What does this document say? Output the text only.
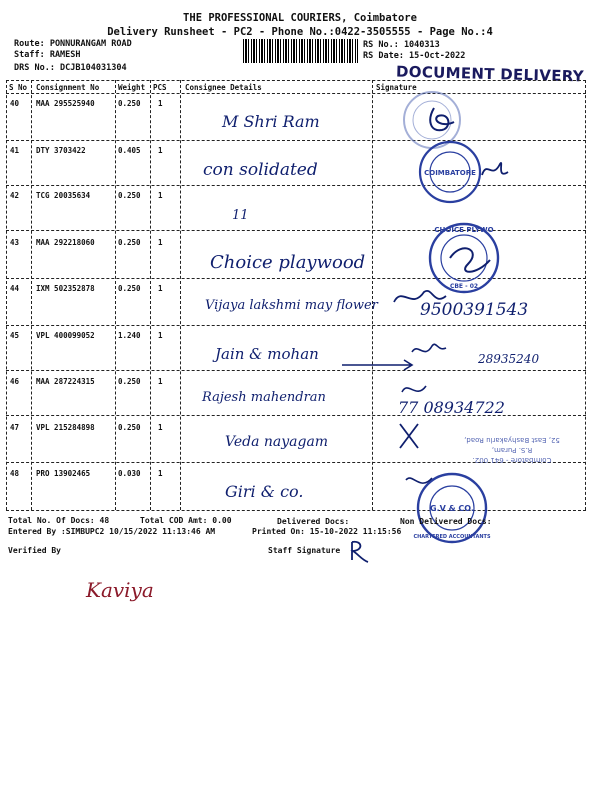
THE PROFESSIONAL COURIERS, Coimbatore
Delivery Runsheet - PC2 - Phone No.:0422-3505555 - Page No.:4
Route: PONNURANGAM ROAD
Staff: RAMESH
DRS No.: DCJB104031304
RS No.: 1040313
RS Date: 15-Oct-2022
DOCUMENT DELIVERY
S No Consignment No	Weight PCS Consignee Details	Signature
40 MAA 295525940	0.250 1
M Shri Ram
41 DTY 3703422	0.405 1
con solidated
42 TCG 20035634	0.250 1
11
43 MAA 292218060	0.250 1
Choice playwood
44 IXM 502352878	0.250 1
Vijaya lakshmi may flower 9500391543
45 VPL 400099052	1.240 1
Jain & mohan	28935240
46 MAA 287224315	0.250 1
Rajesh mahendran
77 08934722
47 VPL 215284898	0.250 1
Veda nayagam
48 PRO 13902465	0.030 1
Giri & co.
COIMBATORE
CHOICE PLYWO
CBE - 02
Coimbatore - 641 002.
R.S. Puram,
52, East Bashyakarlu Road,
G.V & CO.
CHARTERED ACCOUNTANTS
Total No. Of Docs: 48	Total COD Amt: 0.00	Delivered Docs:	Non Delivered Docs:
Entered By :SIMBUPC2 10/15/2022 11:13:46 AM	Printed On: 15-10-2022 11:15:56
Verified By	Staff Signature
Kaviya
